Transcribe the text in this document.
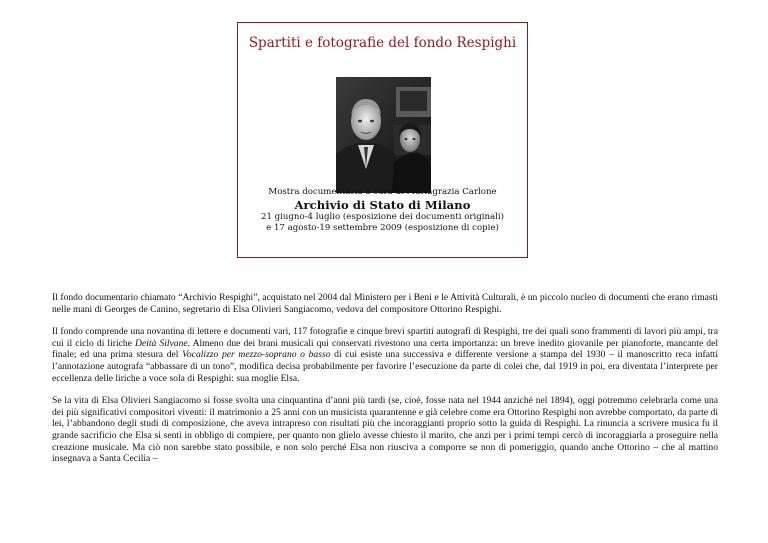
Spartiti e fotografie del fondo Respighi
Mostra documentaria a cura di Mariagrazia Carlone
Archivio di Stato di Milano
21 giugno-4 luglio (esposizione dei documenti originali)
e 17 agosto-19 settembre 2009 (esposizione di copie)

Il fondo documentario chiamato “Archivio Respighi”, acquistato nel 2004 dal Ministero per i Beni e le Attività Culturali, è un piccolo nucleo di documenti che erano rimasti nelle mani di Georges de Canino, segretario di Elsa Olivieri Sangiacomo, vedova del compositore Ottorino Respighi.

Il fondo comprende una novantina di lettere e documenti vari, 117 fotografie e cinque brevi spartiti autografi di Respighi, tre dei quali sono frammenti di lavori più ampi, tra cui il ciclo di liriche Deità Silvane. Almeno due dei brani musicali qui conservati rivestono una certa importanza: un breve inedito giovanile per pianoforte, mancante del finale; ed una prima stesura del Vocalizzo per mezzo-soprano o basso di cui esiste una successiva e differente versione a stampa del 1930 – il manoscritto reca infatti l’annotazione autografa “abbassare di un tono”, modifica decisa probabilmente per favorire l’esecuzione da parte di colei che, dal 1919 in poi, era diventata l’interprete per eccellenza delle liriche a voce sola di Respighi: sua moglie Elsa.

Se la vita di Elsa Olivieri Sangiacomo si fosse svolta una cinquantina d’anni più tardi (se, cioè, fosse nata nel 1944 anziché nel 1894), oggi potremmo celebrarla come una dei più significativi compositori viventi: il matrimonio a 25 anni con un musicista quarantenne e già celebre come era Ottorino Respighi non avrebbe comportato, da parte di lei, l’abbandono degli studi di composizione, che aveva intrapreso con risultati più che incoraggianti proprio sotto la guida di Respighi. La rinuncia a scrivere musica fu il grande sacrificio che Elsa si sentì in obbligo di compiere, per quanto non glielo avesse chiesto il marito, che anzi per i primi tempi cercò di incoraggiarla a proseguire nella creazione musicale. Ma ciò non sarebbe stato possibile, e non solo perché Elsa non riusciva a comporre se non di pomeriggio, quando anche Ottorino – che al mattino insegnava a Santa Cecilia –
